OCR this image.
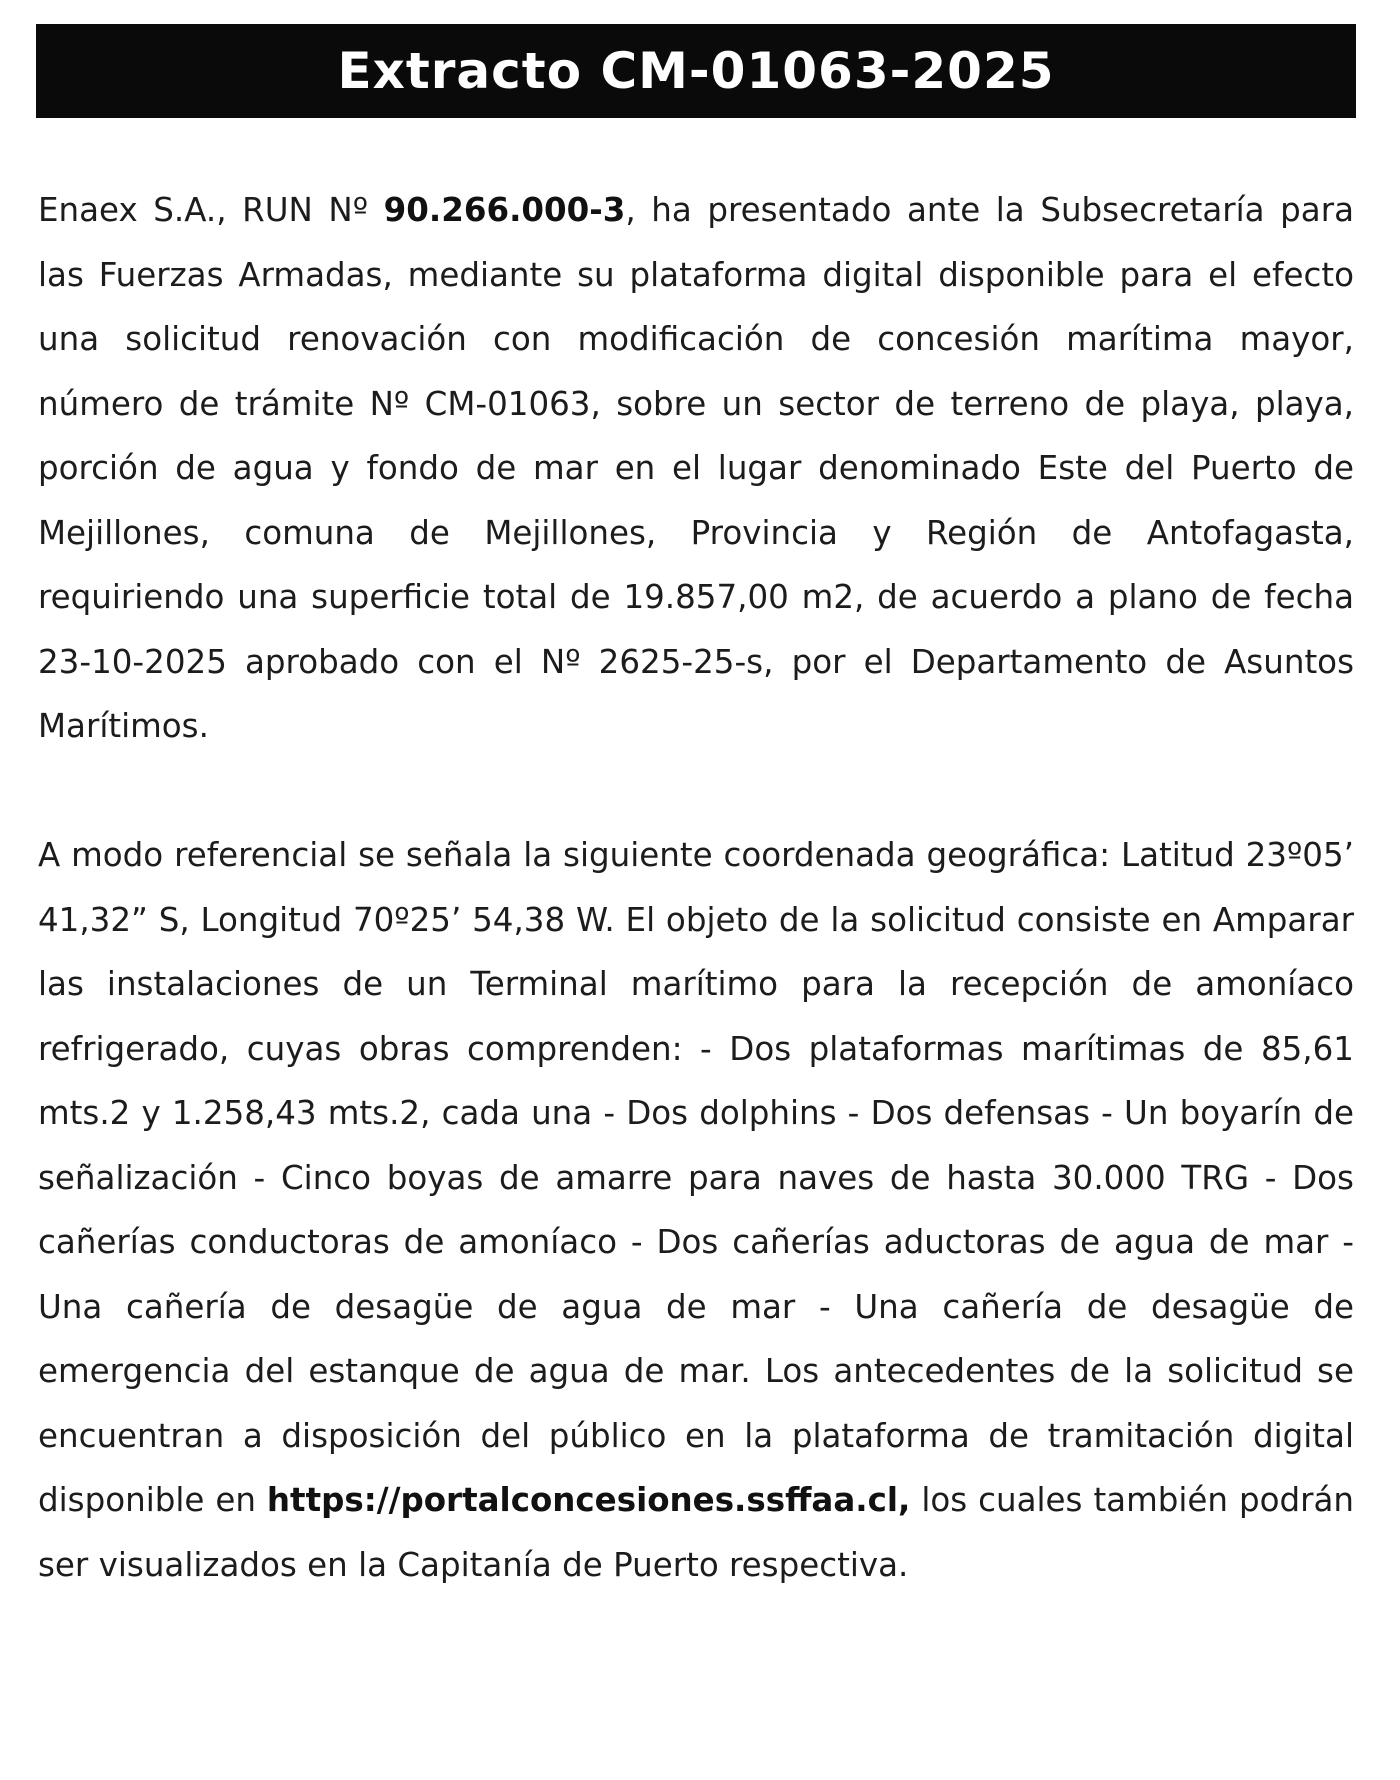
Extracto CM-01063-2025

Enaex S.A., RUN Nº 90.266.000-3, ha presentado ante la Subsecretaría para las Fuerzas Armadas, mediante su plataforma digital disponible para el efecto una solicitud renovación con modificación de concesión marítima mayor, número de trámite Nº CM-01063, sobre un sector de terreno de playa, playa, porción de agua y fondo de mar en el lugar denominado Este del Puerto de Mejillones, comuna de Mejillones, Provincia y Región de Antofagasta, requiriendo una superficie total de 19.857,00 m2, de acuerdo a plano de fecha 23-10-2025 aprobado con el Nº 2625-25-s, por el Departamento de Asuntos Marítimos.

A modo referencial se señala la siguiente coordenada geográfica: Latitud 23º05’ 41,32” S, Longitud 70º25’ 54,38 W. El objeto de la solicitud consiste en Amparar las instalaciones de un Terminal marítimo para la recepción de amoníaco refrigerado, cuyas obras comprenden: - Dos plataformas marítimas de 85,61 mts.2 y 1.258,43 mts.2, cada una - Dos dolphins - Dos defensas - Un boyarín de señalización - Cinco boyas de amarre para naves de hasta 30.000 TRG - Dos cañerías conductoras de amoníaco - Dos cañerías aductoras de agua de mar - Una cañería de desagüe de agua de mar - Una cañería de desagüe de emergencia del estanque de agua de mar. Los antecedentes de la solicitud se encuentran a disposición del público en la plataforma de tramitación digital disponible en https://portalconcesiones.ssffaa.cl, los cuales también podrán ser visualizados en la Capitanía de Puerto respectiva.
